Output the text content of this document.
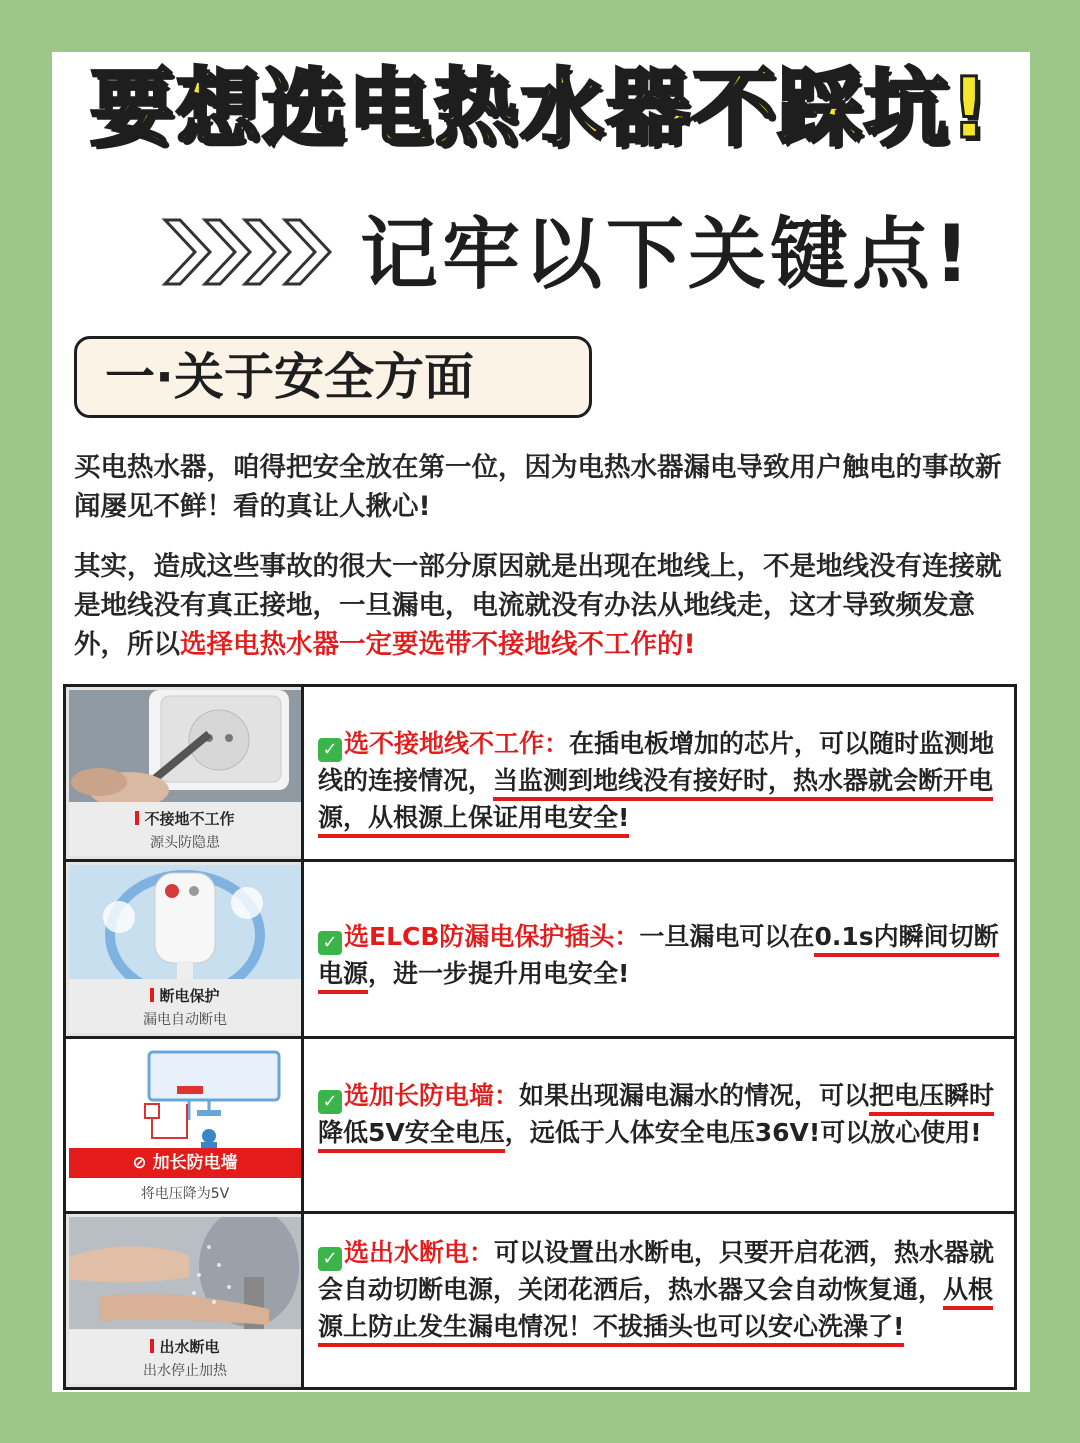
要想选电热水器不踩坑!
记牢以下关键点!
一·关于安全方面
买电热水器，咱得把安全放在第一位，因为电热水器漏电导致用户触电的事故新闻屡见不鲜！看的真让人揪心!
其实，造成这些事故的很大一部分原因就是出现在地线上，不是地线没有连接就是地线没有真正接地，一旦漏电，电流就没有办法从地线走，这才导致频发意外，所以选择电热水器一定要选带不接地线不工作的!
不接地不工作
源头防隐患
✓ 选不接地线不工作：在插电板增加的芯片，可以随时监测地线的连接情况，当监测到地线没有接好时，热水器就会断开电源，从根源上保证用电安全!
断电保护
漏电自动断电
✓ 选ELCB防漏电保护插头：一旦漏电可以在0.1s内瞬间切断电源，进一步提升用电安全!
⊘ 加长防电墙
将电压降为5V
✓ 选加长防电墙：如果出现漏电漏水的情况，可以把电压瞬时降低5V安全电压，远低于人体安全电压36V!可以放心使用!
出水断电
出水停止加热
✓ 选出水断电：可以设置出水断电，只要开启花洒，热水器就会自动切断电源，关闭花洒后，热水器又会自动恢复通，从根源上防止发生漏电情况！不拔插头也可以安心洗澡了!
